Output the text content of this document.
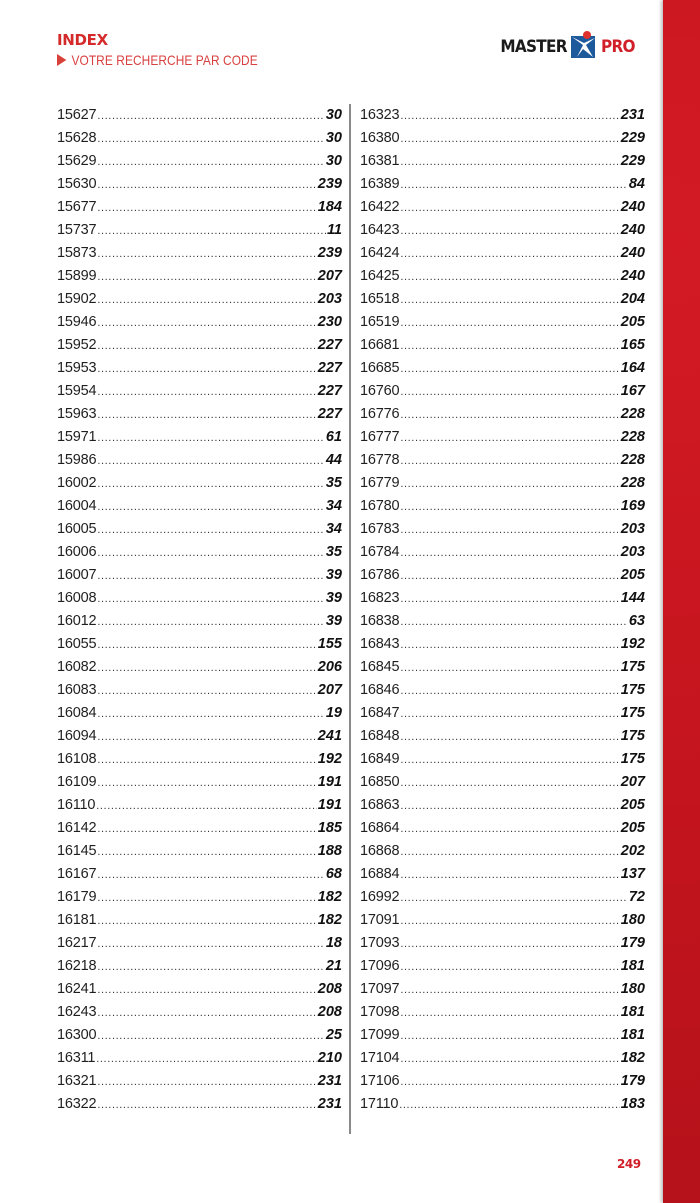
INDEX
VOTRE RECHERCHE PAR CODE
MASTER PRO
15627 .....	30
15628 .....	30
15629 .....	30
15630 .....	239
15677 .....	184
15737 .....	11
15873 .....	239
15899 .....	207
15902 .....	203
15946 .....	230
15952 .....	227
15953 .....	227
15954 .....	227
15963 .....	227
15971 .....	61
15986 .....	44
16002 .....	35
16004 .....	34
16005 .....	34
16006 .....	35
16007 .....	39
16008 .....	39
16012 .....	39
16055 .....	155
16082 .....	206
16083 .....	207
16084 .....	19
16094 .....	241
16108 .....	192
16109 .....	191
16110 .....	191
16142 .....	185
16145 .....	188
16167 .....	68
16179 .....	182
16181 .....	182
16217 .....	18
16218 .....	21
16241 .....	208
16243 .....	208
16300 .....	25
16311 .....	210
16321 .....	231
16322 .....	231
16323 .....	231
16380 .....	229
16381 .....	229
16389 .....	84
16422 .....	240
16423 .....	240
16424 .....	240
16425 .....	240
16518 .....	204
16519 .....	205
16681 .....	165
16685 .....	164
16760 .....	167
16776 .....	228
16777 .....	228
16778 .....	228
16779 .....	228
16780 .....	169
16783 .....	203
16784 .....	203
16786 .....	205
16823 .....	144
16838 .....	63
16843 .....	192
16845 .....	175
16846 .....	175
16847 .....	175
16848 .....	175
16849 .....	175
16850 .....	207
16863 .....	205
16864 .....	205
16868 .....	202
16884 .....	137
16992 .....	72
17091 .....	180
17093 .....	179
17096 .....	181
17097 .....	180
17098 .....	181
17099 .....	181
17104 .....	182
17106 .....	179
17110 .....	183
249
